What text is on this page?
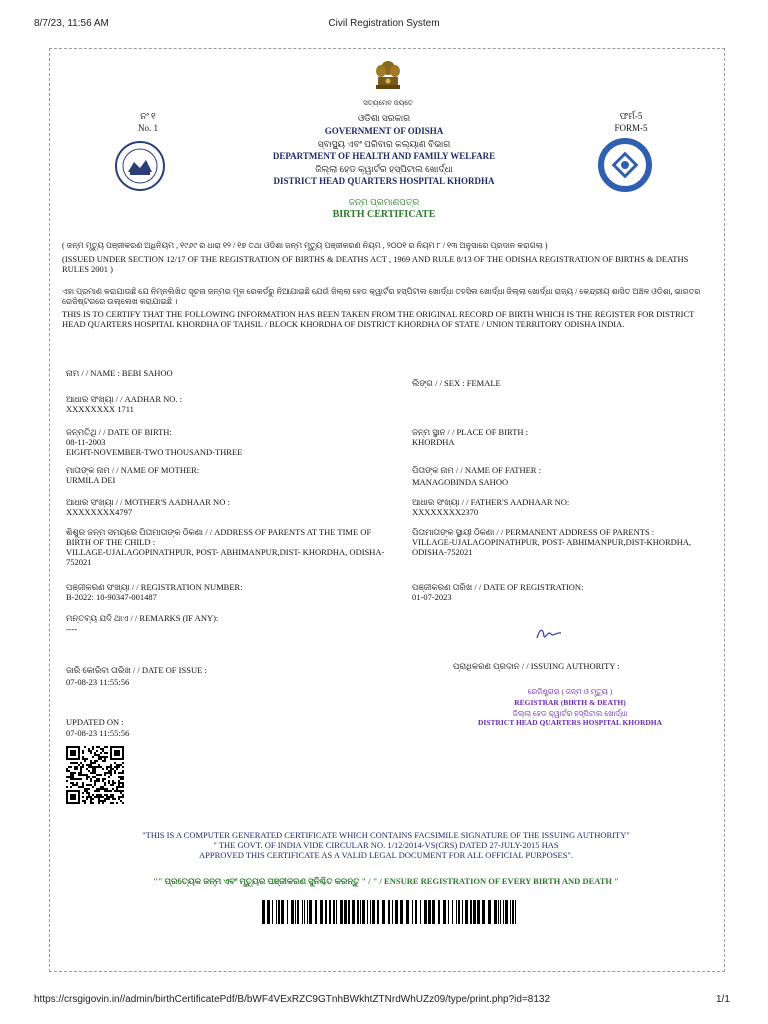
8/7/23, 11:56 AM	Civil Registration System
ସତ୍ୟମେବ ଜୟତେ
ନଂ ୧
No. 1
ଫର୍ମ-5
FORM-5
ଓଡିଶା ସରକାର
GOVERNMENT OF ODISHA
ସ୍ବାସ୍ଥ୍ୟ ଏବଂ ପରିବାର କଲ୍ୟାଣ ବିଭାଗ
DEPARTMENT OF HEALTH AND FAMILY WELFARE
ଜିଲ୍ଲା ହେଡ କ୍ୱାର୍ଟର ହସ୍ପିଟାଲ ଖୋର୍ଦ୍ଧା
DISTRICT HEAD QUARTERS HOSPITAL KHORDHA
ଜନ୍ମ ପ୍ରମାଣପତ୍ର
BIRTH CERTIFICATE
( ଜନ୍ମ ମୃତ୍ୟୁ ପଞ୍ଜୀକରଣ ଅଧିନିୟମ , ୧୯୬୯ ର ଧାରା ୧୨ / ୧୭ ତଥା ଓଡିଶା ଜନ୍ମ ମୃତ୍ୟୁ ପଞ୍ଜୀକରଣ ନିୟମ , ୨୦୦୧ ର ନିୟମ ୮ / ୧୩ ଅନୁସାରେ ପ୍ରଦାନ କରାଗଲା )
(ISSUED UNDER SECTION 12/17 OF THE REGISTRATION OF BIRTHS & DEATHS ACT , 1969 AND RULE 8/13 OF THE ODISHA REGISTRATION OF BIRTHS & DEATHS RULES 2001 )
ଏହା ପ୍ରମାଣ କରାଯାଉଛି ଯେ ନିମ୍ନଲିଖିତ ସୂଚନା ଜନ୍ମର ମୂଳ ରେକର୍ଡରୁ ନିଆଯାଇଛି ଯେଉଁ ଜିଲ୍ଲା ହେଡ କ୍ୱାର୍ଟର ହସ୍ପିଟାଲ ଖୋର୍ଦ୍ଧା ତହସିଲ ଖୋର୍ଦ୍ଧା ଜିଲ୍ଲା ଖୋର୍ଦ୍ଧା ରାଜ୍ୟ / କେନ୍ଦ୍ରୀୟ ଶାସିତ ଅଞ୍ଚଳ ଓଡିଶା, ଭାରତର ରେଜିଷ୍ଟରରେ ଉଲ୍ଲେଖ କରାଯାଇଛି ।
THIS IS TO CERTIFY THAT THE FOLLOWING INFORMATION HAS BEEN TAKEN FROM THE ORIGINAL RECORD OF BIRTH WHICH IS THE REGISTER FOR DISTRICT HEAD QUARTERS HOSPITAL KHORDHA OF TAHSIL / BLOCK KHORDHA OF DISTRICT KHORDHA OF STATE / UNION TERRITORY ODISHA INDIA.
ନାମ / / NAME : BEBI SAHOO
ଆଧାର ସଂଖ୍ୟା / / AADHAR NO. :
XXXXXXXX 1711
ଜନ୍ମତିଥି / / DATE OF BIRTH:
08-11-2003
EIGHT-NOVEMBER-TWO THOUSAND-THREE
ମାତାଙ୍କ ନାମ / / NAME OF MOTHER:
URMILA DEI
ଆଧାର ସଂଖ୍ୟା / / MOTHER'S AADHAAR NO :
XXXXXXXX4797
ଶିଶୁର ଜନ୍ମ ସମୟରେ ପିତାମାତାଙ୍କ ଠିକଣା / / ADDRESS OF PARENTS AT THE TIME OF BIRTH OF THE CHILD :
VILLAGE-UJALAGOPINATHPUR, POST- ABHIMANPUR,DIST- KHORDHA, ODISHA-752021
ପଞ୍ଜୀକରଣ ସଂଖ୍ୟା / / REGISTRATION NUMBER:
B-2022: 10-90347-001487
ମନ୍ତବ୍ୟ ଯଦି ଥାଏ / / REMARKS (IF ANY):
----
ଜାରି କୋରିବା ତାରିଖ / / DATE OF ISSUE :
07-08-23 11:55:56
UPDATED ON :
07-08-23 11:55:56
ଲିଙ୍ଗ / / SEX : FEMALE
ଜନ୍ମ ସ୍ଥାନ / / PLACE OF BIRTH :
KHORDHA
ପିତାଙ୍କ ନାମ / / NAME OF FATHER :
MANAGOBINDA SAHOO
ଆଧାର ସଂଖ୍ୟା / / FATHER'S AADHAAR NO:
XXXXXXXX2370
ପିତାମାତାଙ୍କ ସ୍ଥାୟୀ ଠିକଣା / / PERMANENT ADDRESS OF PARENTS :
VILLAGE-UJALAGOPINATHPUR, POST- ABHIMANPUR,DIST-KHORDHA, ODISHA-752021
ପଞ୍ଜୀକରଣ ତାରିଖ / / DATE OF REGISTRATION:
01-07-2023
ପ୍ରାଧିକରଣ ପ୍ରଦାନ / / ISSUING AUTHORITY :
ରେଜିଷ୍ଟ୍ରାର ( ଜନ୍ମ ଓ ମୃତ୍ୟୁ )
REGISTRAR (BIRTH & DEATH)
ଜିଲ୍ଲା ହେଡ କ୍ୱାର୍ଟର ହସ୍ପିଟାଲ ଖୋର୍ଦ୍ଧା
DISTRICT HEAD QUARTERS HOSPITAL KHORDHA
"THIS IS A COMPUTER GENERATED CERTIFICATE WHICH CONTAINS FACSIMILE SIGNATURE OF THE ISSUING AUTHORITY"
" THE GOVT. OF INDIA VIDE CIRCULAR NO. 1/12/2014-VS(CRS) DATED 27-JULY-2015 HAS
APPROVED THIS CERTIFICATE AS A VALID LEGAL DOCUMENT FOR ALL OFFICIAL PURPOSES".
"" ପ୍ରତ୍ୟେକ ଜନ୍ମ ଏବଂ ମୃତ୍ୟୁର ପଞ୍ଜୀକରଣ ସୁନିଶ୍ଚିତ କରନ୍ତୁ " / " / ENSURE REGISTRATION OF EVERY BIRTH AND DEATH "
https://crsgigovin.in//admin/birthCertificatePdf/B/bWF4VExRZC9GTnhBWkhtZTNrdWhUZz09/type/print.php?id=8132	1/1
